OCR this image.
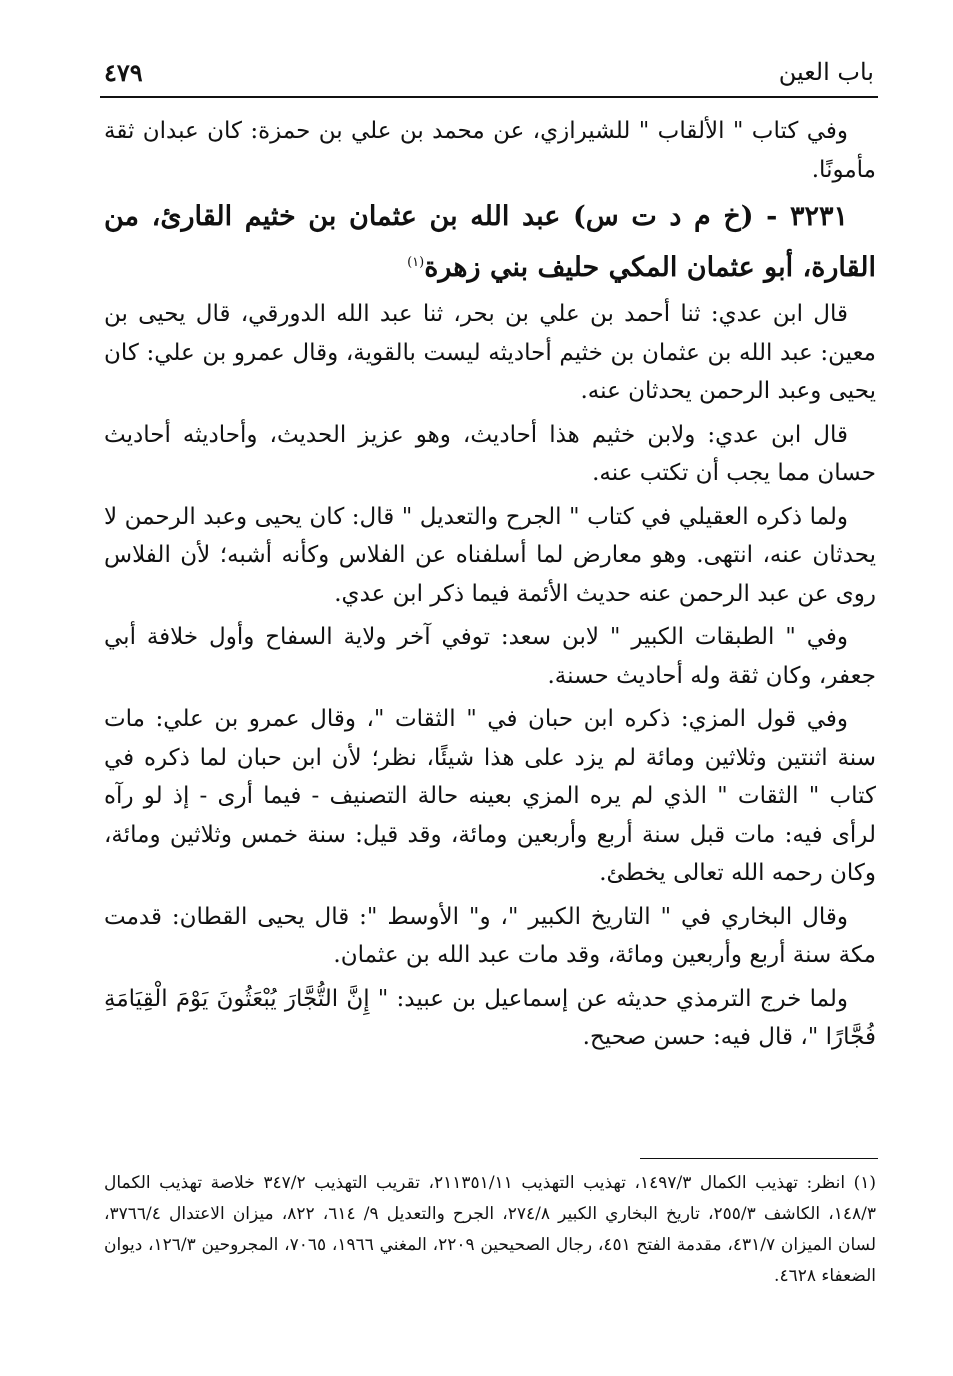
باب العين
٤٧٩

وفي كتاب " الألقاب " للشيرازي، عن محمد بن علي بن حمزة: كان عبدان ثقة مأمونًا.

٣٢٣١ - (خ م د ت س) عبد الله بن عثمان بن خثيم القارئ، من القارة، أبو عثمان المكي حليف بني زهرة$^{(١)}$

قال ابن عدي: ثنا أحمد بن علي بن بحر، ثنا عبد الله الدورقي، قال يحيى بن معين: عبد الله بن عثمان بن خثيم أحاديثه ليست بالقوية، وقال عمرو بن علي: كان يحيى وعبد الرحمن يحدثان عنه.

قال ابن عدي: ولابن خثيم هذا أحاديث، وهو عزيز الحديث، وأحاديثه أحاديث حسان مما يجب أن تكتب عنه.

ولما ذكره العقيلي في كتاب " الجرح والتعديل " قال: كان يحيى وعبد الرحمن لا يحدثان عنه، انتهى. وهو معارض لما أسلفناه عن الفلاس وكأنه أشبه؛ لأن الفلاس روى عن عبد الرحمن عنه حديث الأئمة فيما ذكر ابن عدي.

وفي " الطبقات الكبير " لابن سعد: توفي آخر ولاية السفاح وأول خلافة أبي جعفر، وكان ثقة وله أحاديث حسنة.

وفي قول المزي: ذكره ابن حبان في " الثقات "، وقال عمرو بن علي: مات سنة اثنتين وثلاثين ومائة لم يزد على هذا شيئًا، نظر؛ لأن ابن حبان لما ذكره في كتاب " الثقات " الذي لم يره المزي بعينه حالة التصنيف - فيما أرى - إذ لو رآه لرأى فيه: مات قبل سنة أربع وأربعين ومائة، وقد قيل: سنة خمس وثلاثين ومائة، وكان رحمه الله تعالى يخطئ.

وقال البخاري في " التاريخ الكبير "، و" الأوسط ": قال يحيى القطان: قدمت مكة سنة أربع وأربعين ومائة، وقد مات عبد الله بن عثمان.

ولما خرج الترمذي حديثه عن إسماعيل بن عبيد: " إِنَّ التُّجَّارَ يُبْعَثُونَ يَوْمَ الْقِيَامَةِ فُجَّارًا "، قال فيه: حسن صحيح.

(١) انظر: تهذيب الكمال ١٤٩٧/٣، تهذيب التهذيب ٢١١٣٥١/١١، تقريب التهذيب ٣٤٧/٢ خلاصة تهذيب الكمال ١٤٨/٣، الكاشف ٢٥٥/٣، تاريخ البخاري الكبير ٢٧٤/٨، الجرح والتعديل ٩/ ٦١٤، ٨٢٢، ميزان الاعتدال ٣٧٦٦/٤، لسان الميزان ٤٣١/٧، مقدمة الفتح ٤٥١، رجال الصحيحين ٢٢٠٩، المغني ١٩٦٦، ٧٠٦٥، المجروحين ١٢٦/٣، ديوان الضعفاء ٤٦٢٨.
